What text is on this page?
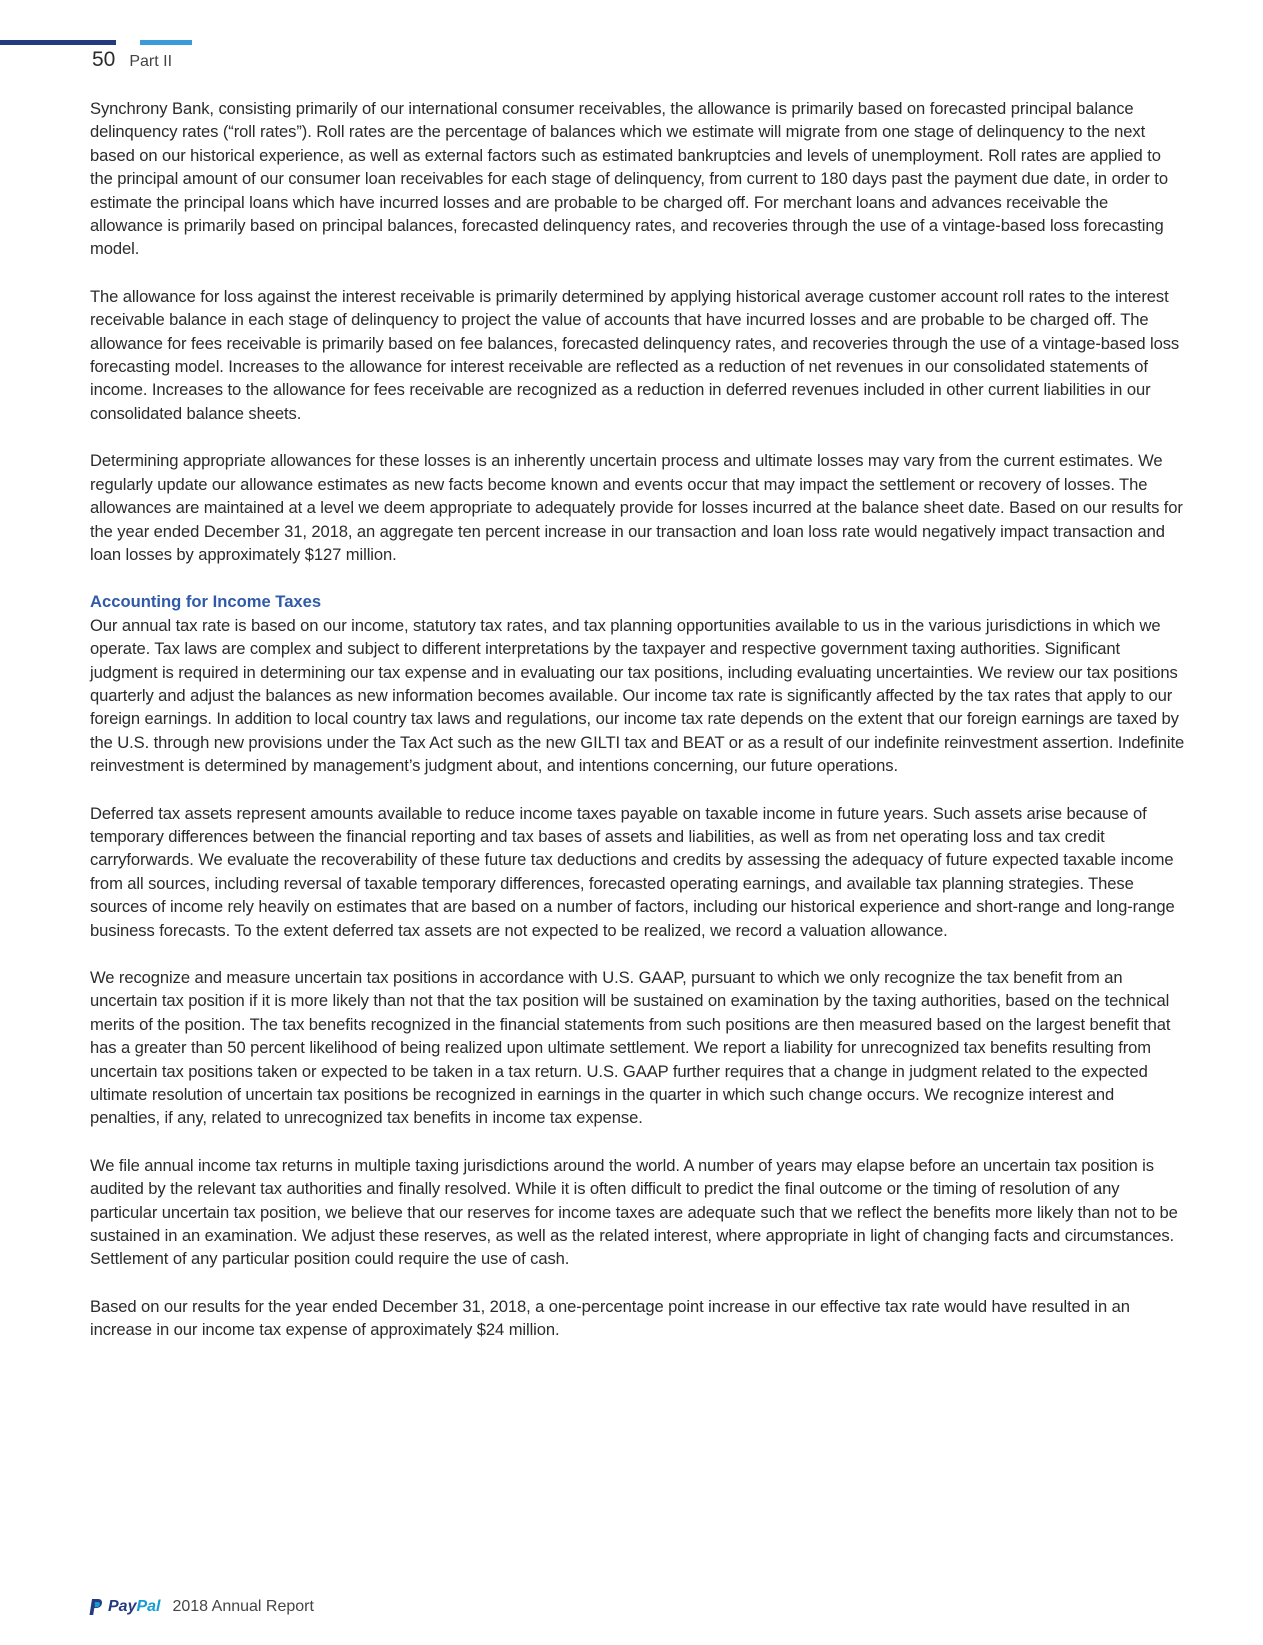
50 Part II

Synchrony Bank, consisting primarily of our international consumer receivables, the allowance is primarily based on forecasted principal balance delinquency rates (“roll rates”). Roll rates are the percentage of balances which we estimate will migrate from one stage of delinquency to the next based on our historical experience, as well as external factors such as estimated bankruptcies and levels of unemployment. Roll rates are applied to the principal amount of our consumer loan receivables for each stage of delinquency, from current to 180 days past the payment due date, in order to estimate the principal loans which have incurred losses and are probable to be charged off. For merchant loans and advances receivable the allowance is primarily based on principal balances, forecasted delinquency rates, and recoveries through the use of a vintage-based loss forecasting model.

The allowance for loss against the interest receivable is primarily determined by applying historical average customer account roll rates to the interest receivable balance in each stage of delinquency to project the value of accounts that have incurred losses and are probable to be charged off. The allowance for fees receivable is primarily based on fee balances, forecasted delinquency rates, and recoveries through the use of a vintage-based loss forecasting model. Increases to the allowance for interest receivable are reflected as a reduction of net revenues in our consolidated statements of income. Increases to the allowance for fees receivable are recognized as a reduction in deferred revenues included in other current liabilities in our consolidated balance sheets.

Determining appropriate allowances for these losses is an inherently uncertain process and ultimate losses may vary from the current estimates. We regularly update our allowance estimates as new facts become known and events occur that may impact the settlement or recovery of losses. The allowances are maintained at a level we deem appropriate to adequately provide for losses incurred at the balance sheet date. Based on our results for the year ended December 31, 2018, an aggregate ten percent increase in our transaction and loan loss rate would negatively impact transaction and loan losses by approximately $127 million.

Accounting for Income Taxes

Our annual tax rate is based on our income, statutory tax rates, and tax planning opportunities available to us in the various jurisdictions in which we operate. Tax laws are complex and subject to different interpretations by the taxpayer and respective government taxing authorities. Significant judgment is required in determining our tax expense and in evaluating our tax positions, including evaluating uncertainties. We review our tax positions quarterly and adjust the balances as new information becomes available. Our income tax rate is significantly affected by the tax rates that apply to our foreign earnings. In addition to local country tax laws and regulations, our income tax rate depends on the extent that our foreign earnings are taxed by the U.S. through new provisions under the Tax Act such as the new GILTI tax and BEAT or as a result of our indefinite reinvestment assertion. Indefinite reinvestment is determined by management’s judgment about, and intentions concerning, our future operations.

Deferred tax assets represent amounts available to reduce income taxes payable on taxable income in future years. Such assets arise because of temporary differences between the financial reporting and tax bases of assets and liabilities, as well as from net operating loss and tax credit carryforwards. We evaluate the recoverability of these future tax deductions and credits by assessing the adequacy of future expected taxable income from all sources, including reversal of taxable temporary differences, forecasted operating earnings, and available tax planning strategies. These sources of income rely heavily on estimates that are based on a number of factors, including our historical experience and short-range and long-range business forecasts. To the extent deferred tax assets are not expected to be realized, we record a valuation allowance.

We recognize and measure uncertain tax positions in accordance with U.S. GAAP, pursuant to which we only recognize the tax benefit from an uncertain tax position if it is more likely than not that the tax position will be sustained on examination by the taxing authorities, based on the technical merits of the position. The tax benefits recognized in the financial statements from such positions are then measured based on the largest benefit that has a greater than 50 percent likelihood of being realized upon ultimate settlement. We report a liability for unrecognized tax benefits resulting from uncertain tax positions taken or expected to be taken in a tax return. U.S. GAAP further requires that a change in judgment related to the expected ultimate resolution of uncertain tax positions be recognized in earnings in the quarter in which such change occurs. We recognize interest and penalties, if any, related to unrecognized tax benefits in income tax expense.

We file annual income tax returns in multiple taxing jurisdictions around the world. A number of years may elapse before an uncertain tax position is audited by the relevant tax authorities and finally resolved. While it is often difficult to predict the final outcome or the timing of resolution of any particular uncertain tax position, we believe that our reserves for income taxes are adequate such that we reflect the benefits more likely than not to be sustained in an examination. We adjust these reserves, as well as the related interest, where appropriate in light of changing facts and circumstances. Settlement of any particular position could require the use of cash.

Based on our results for the year ended December 31, 2018, a one-percentage point increase in our effective tax rate would have resulted in an increase in our income tax expense of approximately $24 million.

PayPal 2018 Annual Report
